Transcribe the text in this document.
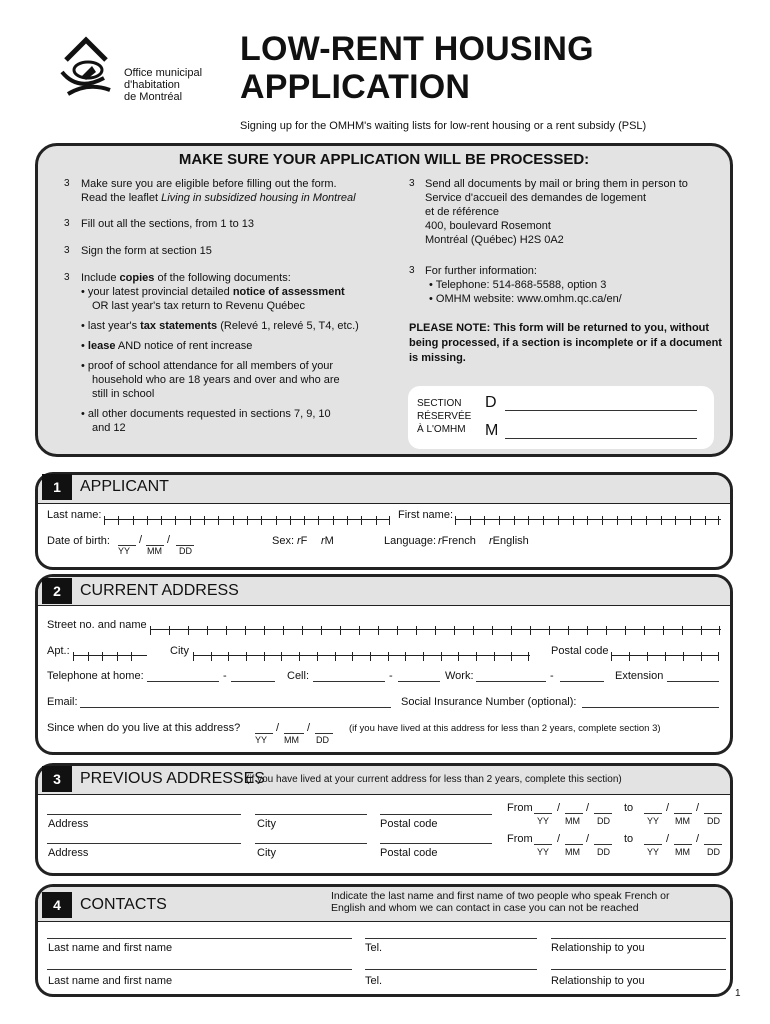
Office municipal
d'habitation
de Montréal
LOW-RENT HOUSING
APPLICATION
Signing up for the OMHM's waiting lists for low-rent housing or a rent subsidy (PSL)
MAKE SURE YOUR APPLICATION WILL BE PROCESSED:
3 Make sure you are eligible before filling out the form.
Read the leaflet Living in subsidized housing in Montreal
3 Fill out all the sections, from 1 to 13
3 Sign the form at section 15
3 Include copies of the following documents:
• your latest provincial detailed notice of assessment
OR last year's tax return to Revenu Québec
• last year's tax statements (Relevé 1, relevé 5, T4, etc.)
• lease AND notice of rent increase
• proof of school attendance for all members of your
household who are 18 years and over and who are
still in school
• all other documents requested in sections 7, 9, 10
and 12
3 Send all documents by mail or bring them in person to
Service d'accueil des demandes de logement
et de référence
400, boulevard Rosemont
Montréal (Québec) H2S 0A2
3 For further information:
• Telephone: 514-868-5588, option 3
• OMHM website: www.omhm.qc.ca/en/
PLEASE NOTE: This form will be returned to you, without
being processed, if a section is incomplete or if a document
is missing.
SECTION
RÉSERVÉE
À L'OMHM
D
M
1	APPLICANT
Last name:	First name:
Date of birth:	/ /
YY MM DD
Sex: rF rM	Language: rFrench rEnglish
2	CURRENT ADDRESS
Street no. and name
Apt.:	City	Postal code
Telephone at home:	-	Cell:	-	Work:	-	Extension
Email:	Social Insurance Number (optional):
Since when do you live at this address?	/	/
YY MM DD
(if you have lived at this address for less than 2 years, complete section 3)
3	PREVIOUS ADDRESSES
(if you have lived at your current address for less than 2 years, complete this section)
Address	City	Postal code
From / /	to	/ /
YY MM DD	YY MM DD
Address	City	Postal code
From / /	to	/ /
YY MM DD	YY MM DD
4	CONTACTS	Indicate the last name and first name of two people who speak French or
English and whom we can contact in case you can not be reached
Last name and first name	Tel.	Relationship to you
Last name and first name	Tel.	Relationship to you
1
